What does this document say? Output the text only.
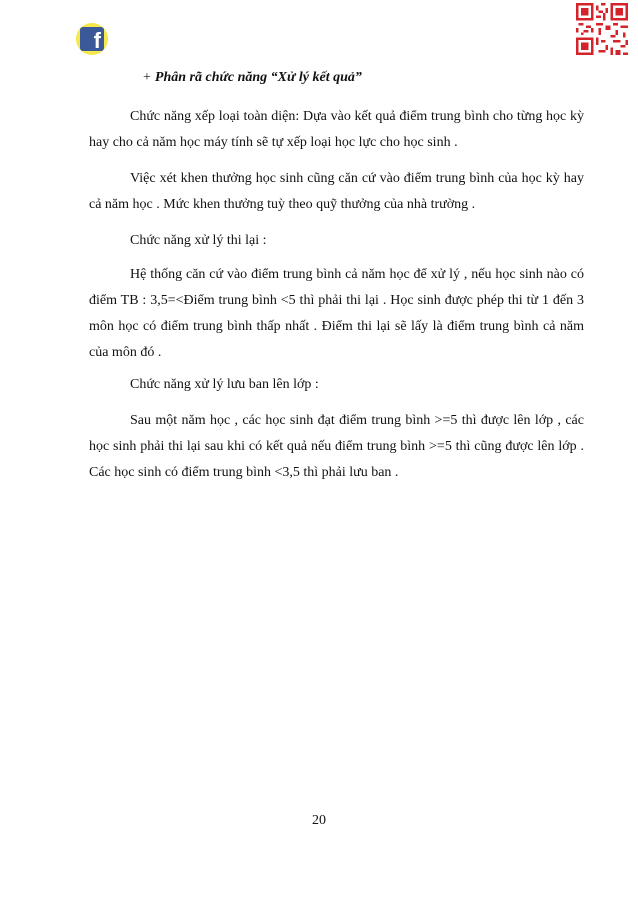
f
+ Phân rã chức năng “Xử lý kết quả”

Chức năng xếp loại toàn diện: Dựa vào kết quả điểm trung bình cho từng học kỳ hay cho cả năm học máy tính sẽ tự xếp loại học lực cho học sinh .

Việc xét khen thưởng học sinh cũng căn cứ vào điểm trung bình của học kỳ hay cả năm học . Mức khen thưởng tuỳ theo quỹ thưởng của nhà trường .

Chức năng xử lý thi lại :

Hệ thống căn cứ vào điểm trung bình cả năm học để xử lý , nếu học sinh nào có điểm TB : 3,5=<Điểm trung bình <5 thì phải thi lại . Học sinh được phép thi từ 1 đến 3 môn học có điểm trung bình thấp nhất . Điểm thi lại sẽ lấy là điểm trung bình cả năm của môn đó .

Chức năng xử lý lưu ban lên lớp :

Sau một năm học , các học sinh đạt điểm trung bình >=5 thì được lên lớp , các học sinh phải thi lại sau khi có kết quả nếu điểm trung bình >=5 thì cũng được lên lớp . Các học sinh có điểm trung bình <3,5 thì phải lưu ban .

20
